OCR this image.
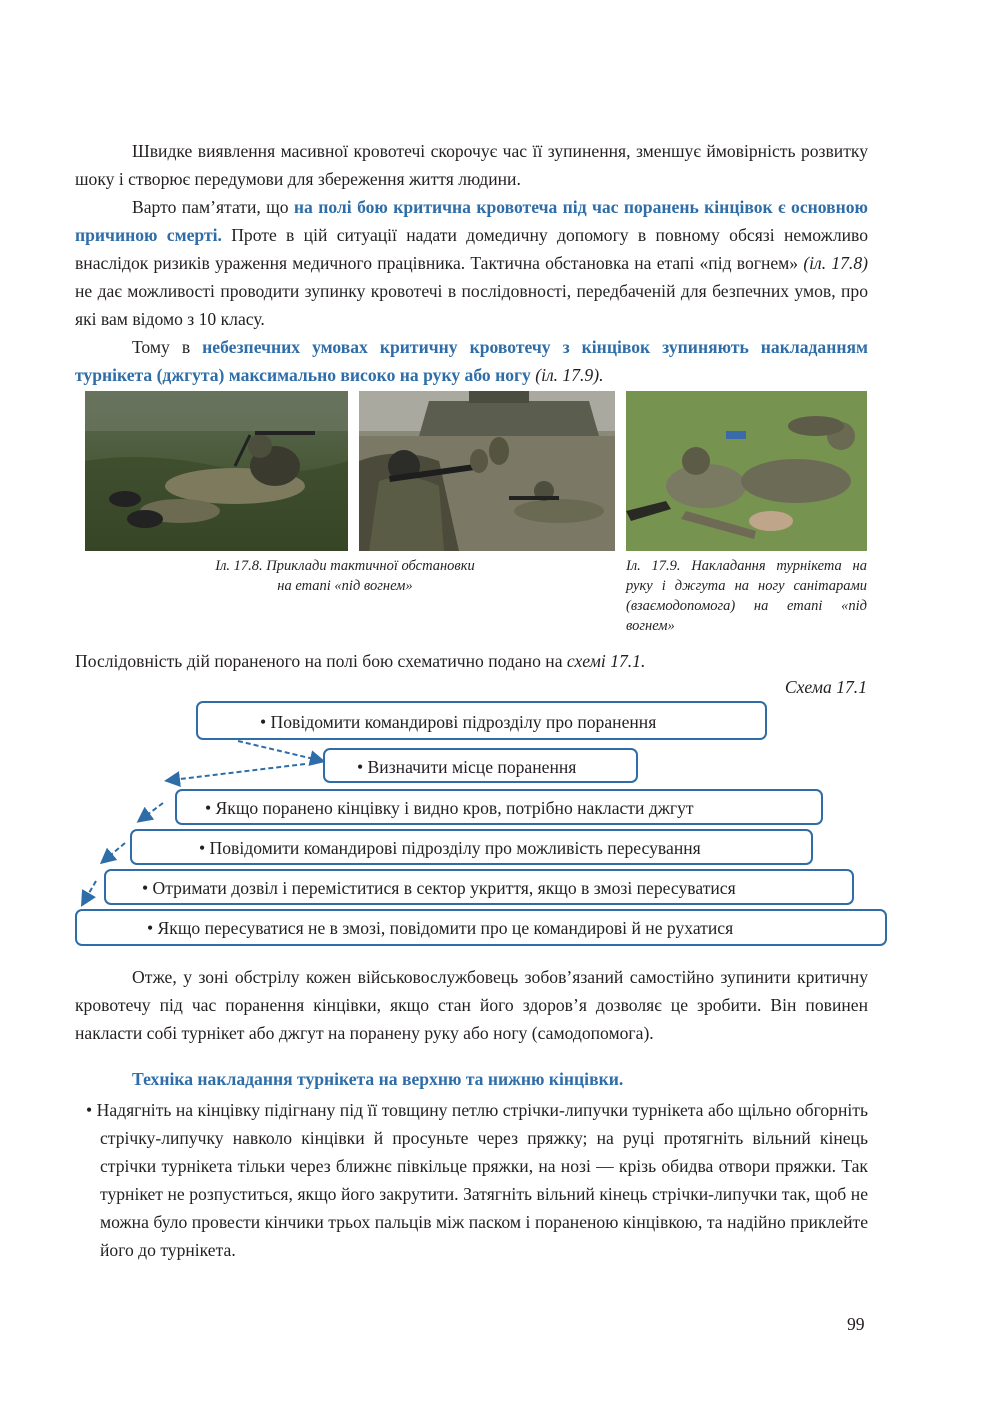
Швидке виявлення масивної кровотечі скорочує час її зупинення, зменшує ймовірність розвитку шоку і створює передумови для збереження життя людини.

Варто пам’ятати, що на полі бою критична кровотеча під час поранень кінцівок є основною причиною смерті. Проте в цій ситуації надати домедичну допомогу в повному обсязі неможливо внаслідок ризиків ураження медичного працівника. Тактична обстановка на етапі «під вогнем» (іл. 17.8) не дає можливості проводити зупинку кровотечі в послідовності, передбаченій для безпечних умов, про які вам відомо з 10 класу.

Тому в небезпечних умовах критичну кровотечу з кінцівок зупиняють накладанням турнікета (джгута) максимально високо на руку або ногу (іл. 17.9).

Іл. 17.8. Приклади тактичної обстановки
на етапі «під вогнем»
Іл. 17.9. Накладання турнікета на руку і джгута на ногу санітарами (взаємодопомога) на етапі «під вогнем»
Послідовність дій пораненого на полі бою схематично подано на схемі 17.1.
Схема 17.1
• Повідомити командирові підрозділу про поранення
• Визначити місце поранення
• Якщо поранено кінцівку і видно кров, потрібно накласти джгут
• Повідомити командирові підрозділу про можливість пересування
• Отримати дозвіл і переміститися в сектор укриття, якщо в змозі пересуватися
• Якщо пересуватися не в змозі, повідомити про це командирові й не рухатися

Отже, у зоні обстрілу кожен військовослужбовець зобов’язаний самостійно зупинити критичну кровотечу під час поранення кінцівки, якщо стан його здоров’я дозволяє це зробити. Він повинен накласти собі турнікет або джгут на поранену руку або ногу (самодопомога).

Техніка накладання турнікета на верхню та нижню кінцівки.
• Надягніть на кінцівку підігнану під її товщину петлю стрічки-липучки турнікета або щільно обгорніть стрічку-липучку навколо кінцівки й просуньте через пряжку; на руці протягніть вільний кінець стрічки турнікета тільки через ближнє півкільце пряжки, на нозі — крізь обидва отвори пряжки. Так турнікет не розпуститься, якщо його закрутити. Затягніть вільний кінець стрічки-липучки так, щоб не можна було провести кінчики трьох пальців між паском і пораненою кінцівкою, та надійно приклейте його до турнікета.
99
